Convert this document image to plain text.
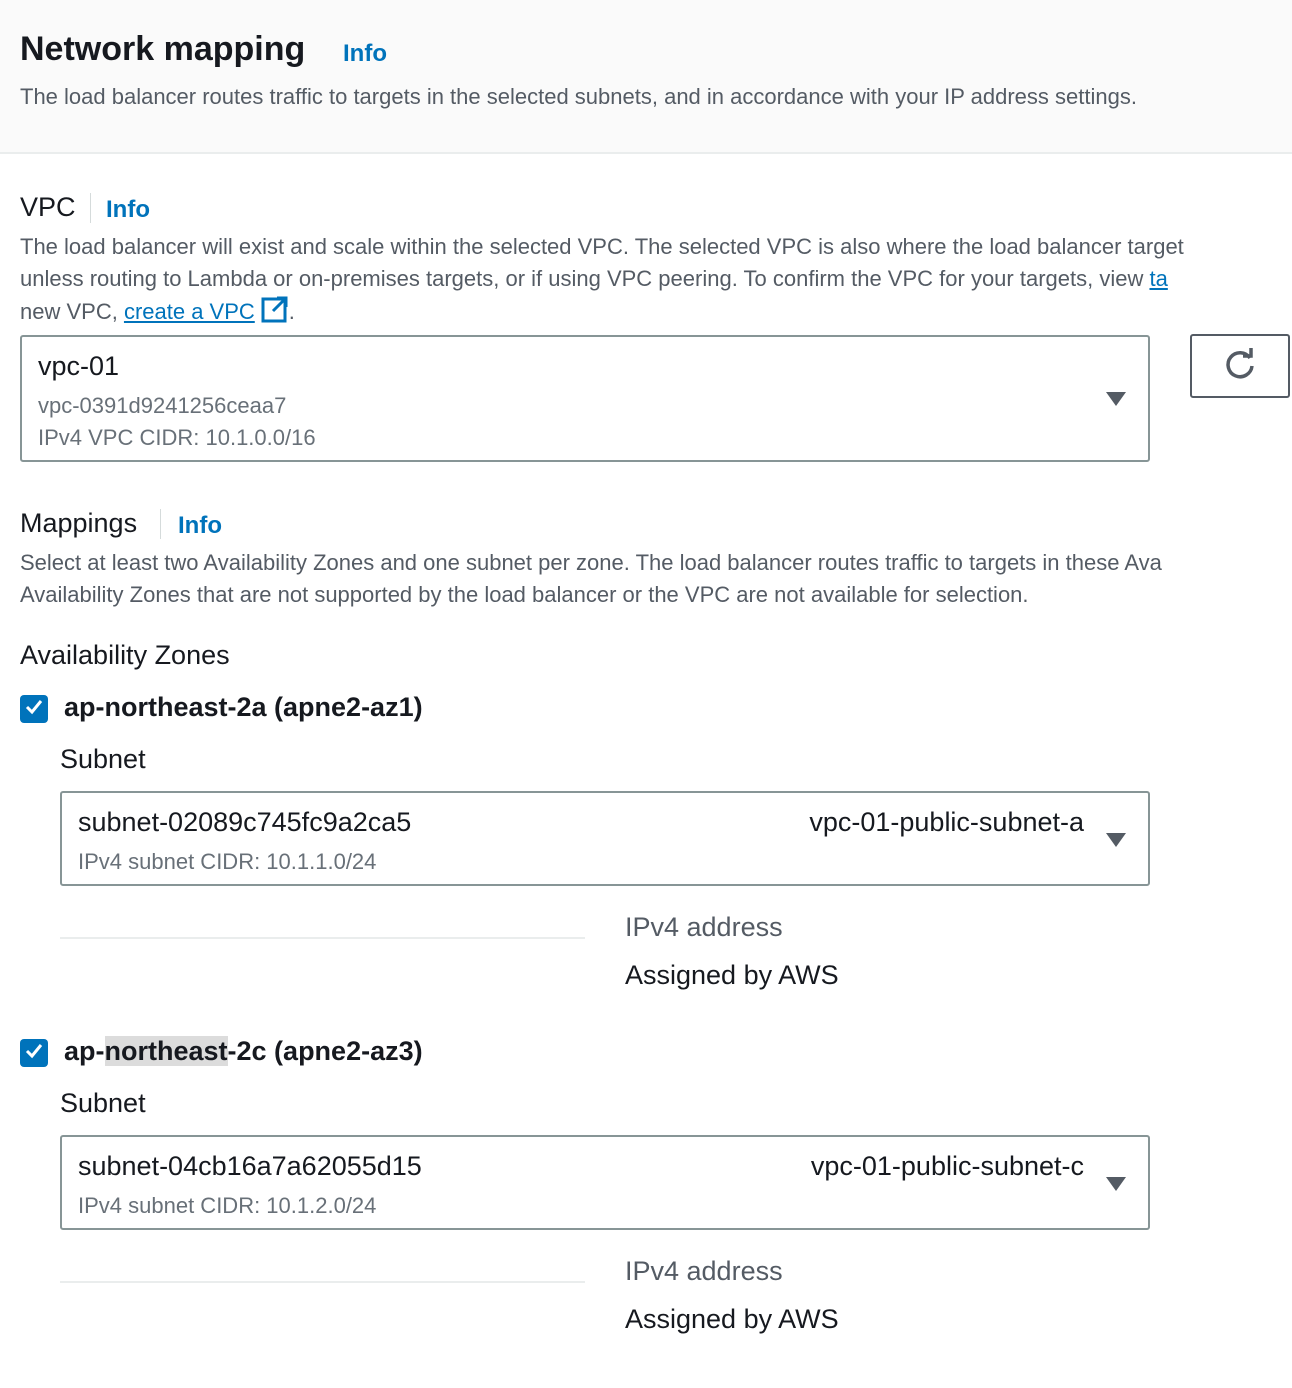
Network mapping Info
The load balancer routes traffic to targets in the selected subnets, and in accordance with your IP address settings.
VPC Info
The load balancer will exist and scale within the selected VPC. The selected VPC is also where the load balancer target
unless routing to Lambda or on-premises targets, or if using VPC peering. To confirm the VPC for your targets, view ta
new VPC, create a VPC .
vpc-01
vpc-0391d9241256ceaa7
IPv4 VPC CIDR: 10.1.0.0/16
Mappings Info
Select at least two Availability Zones and one subnet per zone. The load balancer routes traffic to targets in these Ava
Availability Zones that are not supported by the load balancer or the VPC are not available for selection.
Availability Zones
ap-northeast-2a (apne2-az1)
Subnet
subnet-02089c745fc9a2ca5	vpc-01-public-subnet-a
IPv4 subnet CIDR: 10.1.1.0/24
IPv4 address
Assigned by AWS
ap-northeast-2c (apne2-az3)
Subnet
subnet-04cb16a7a62055d15	vpc-01-public-subnet-c
IPv4 subnet CIDR: 10.1.2.0/24
IPv4 address
Assigned by AWS
